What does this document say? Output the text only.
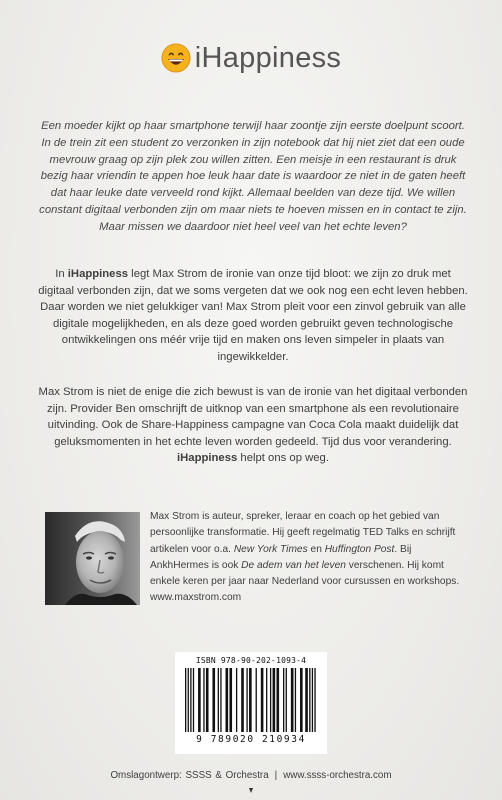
iHappiness

Een moeder kijkt op haar smartphone terwijl haar zoontje zijn eerste doelpunt scoort. In de trein zit een student zo verzonken in zijn notebook dat hij niet ziet dat een oude mevrouw graag op zijn plek zou willen zitten. Een meisje in een restaurant is druk bezig haar vriendin te appen hoe leuk haar date is waardoor ze niet in de gaten heeft dat haar leuke date verveeld rond kijkt. Allemaal beelden van deze tijd. We willen constant digitaal verbonden zijn om maar niets te hoeven missen en in contact te zijn. Maar missen we daardoor niet heel veel van het echte leven?

In iHappiness legt Max Strom de ironie van onze tijd bloot: we zijn zo druk met digitaal verbonden zijn, dat we soms vergeten dat we ook nog een echt leven hebben. Daar worden we niet gelukkiger van! Max Strom pleit voor een zinvol gebruik van alle digitale mogelijkheden, en als deze goed worden gebruikt geven technologische ontwikkelingen ons méér vrije tijd en maken ons leven simpeler in plaats van ingewikkelder.

Max Strom is niet de enige die zich bewust is van de ironie van het digitaal verbonden zijn. Provider Ben omschrijft de uitknop van een smartphone als een revolutionaire uitvinding. Ook de Share-Happiness campagne van Coca Cola maakt duidelijk dat geluksmomenten in het echte leven worden gedeeld. Tijd dus voor verandering. iHappiness helpt ons op weg.

Max Strom is auteur, spreker, leraar en coach op het gebied van persoonlijke transformatie. Hij geeft regelmatig TED Talks en schrijft artikelen voor o.a. New York Times en Huffington Post. Bij AnkhHermes is ook De adem van het leven verschenen. Hij komt enkele keren per jaar naar Nederland voor cursussen en workshops. www.maxstrom.com

ISBN 978-90-202-1093-4
9 789020 210934
Omslagontwerp: SSSS & Orchestra | www.ssss-orchestra.com
